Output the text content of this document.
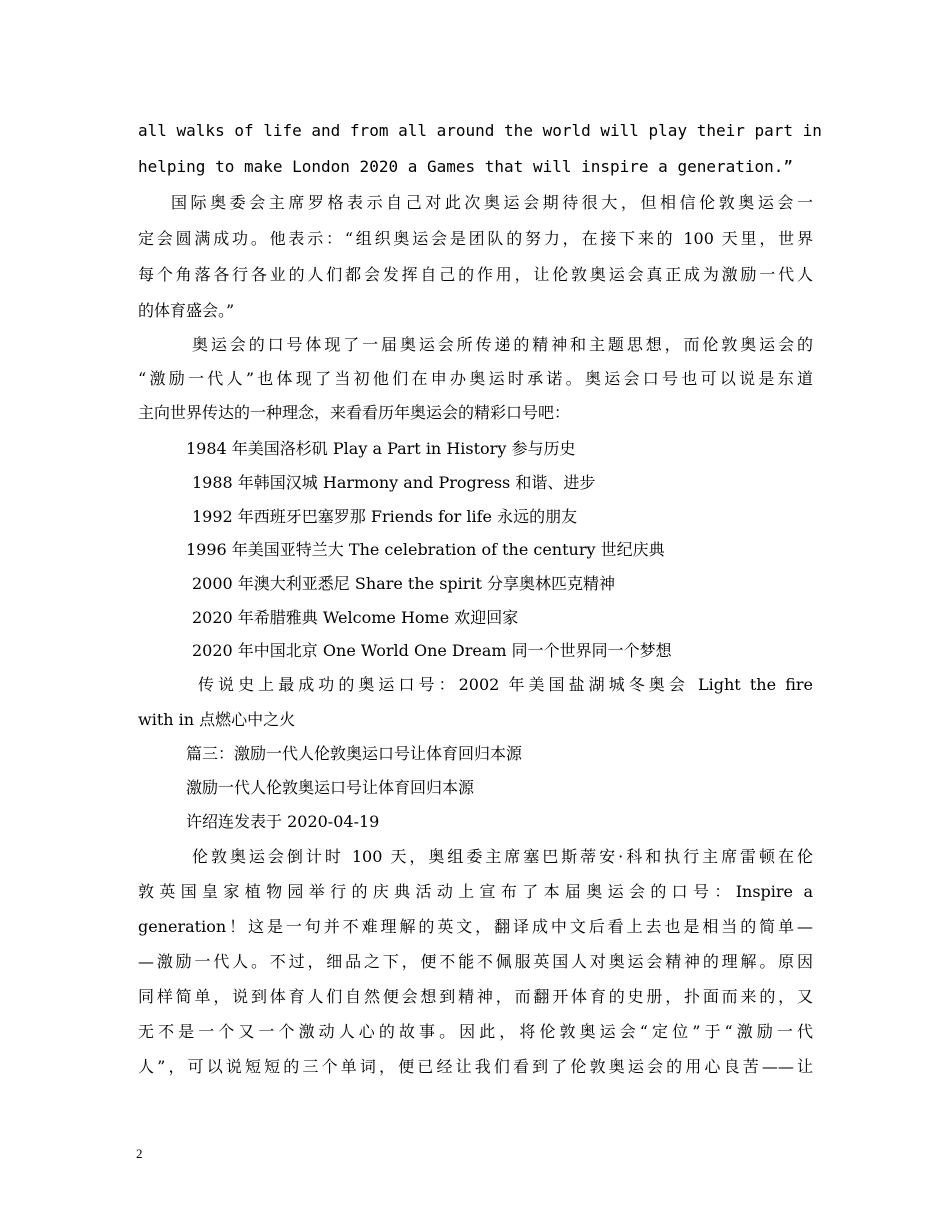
all walks of life and from all around the world will play their part in
helping to make London 2020 a Games that will inspire a generation.”
国际奥委会主席罗格表示自己对此次奥运会期待很大，但相信伦敦奥运会一
定会圆满成功。他表示：“组织奥运会是团队的努力，在接下来的 100 天里，世界
每个角落各行各业的人们都会发挥自己的作用，让伦敦奥运会真正成为激励一代人
的体育盛会。”
奥运会的口号体现了一届奥运会所传递的精神和主题思想，而伦敦奥运会的
“激励一代人”也体现了当初他们在申办奥运时承诺。奥运会口号也可以说是东道
主向世界传达的一种理念，来看看历年奥运会的精彩口号吧：
1984 年美国洛杉矶 Play a Part in History 参与历史
1988 年韩国汉城 Harmony and Progress 和谐、进步
1992 年西班牙巴塞罗那 Friends for life 永远的朋友
1996 年美国亚特兰大 The celebration of the century 世纪庆典
2000 年澳大利亚悉尼 Share the spirit 分享奥林匹克精神
2020 年希腊雅典 Welcome Home 欢迎回家
2020 年中国北京 One World One Dream 同一个世界同一个梦想
传说史上最成功的奥运口号：2002 年美国盐湖城冬奥会 Light the fire
with in 点燃心中之火
篇三：激励一代人伦敦奥运口号让体育回归本源
激励一代人伦敦奥运口号让体育回归本源
许绍连发表于 2020-04-19
伦敦奥运会倒计时 100 天，奥组委主席塞巴斯蒂安·科和执行主席雷顿在伦
敦英国皇家植物园举行的庆典活动上宣布了本届奥运会的口号：Inspire a
generation！这是一句并不难理解的英文，翻译成中文后看上去也是相当的简单—
—激励一代人。不过，细品之下，便不能不佩服英国人对奥运会精神的理解。原因
同样简单，说到体育人们自然便会想到精神，而翻开体育的史册，扑面而来的，又
无不是一个又一个激动人心的故事。因此，将伦敦奥运会“定位”于“激励一代
人”，可以说短短的三个单词，便已经让我们看到了伦敦奥运会的用心良苦——让
2
